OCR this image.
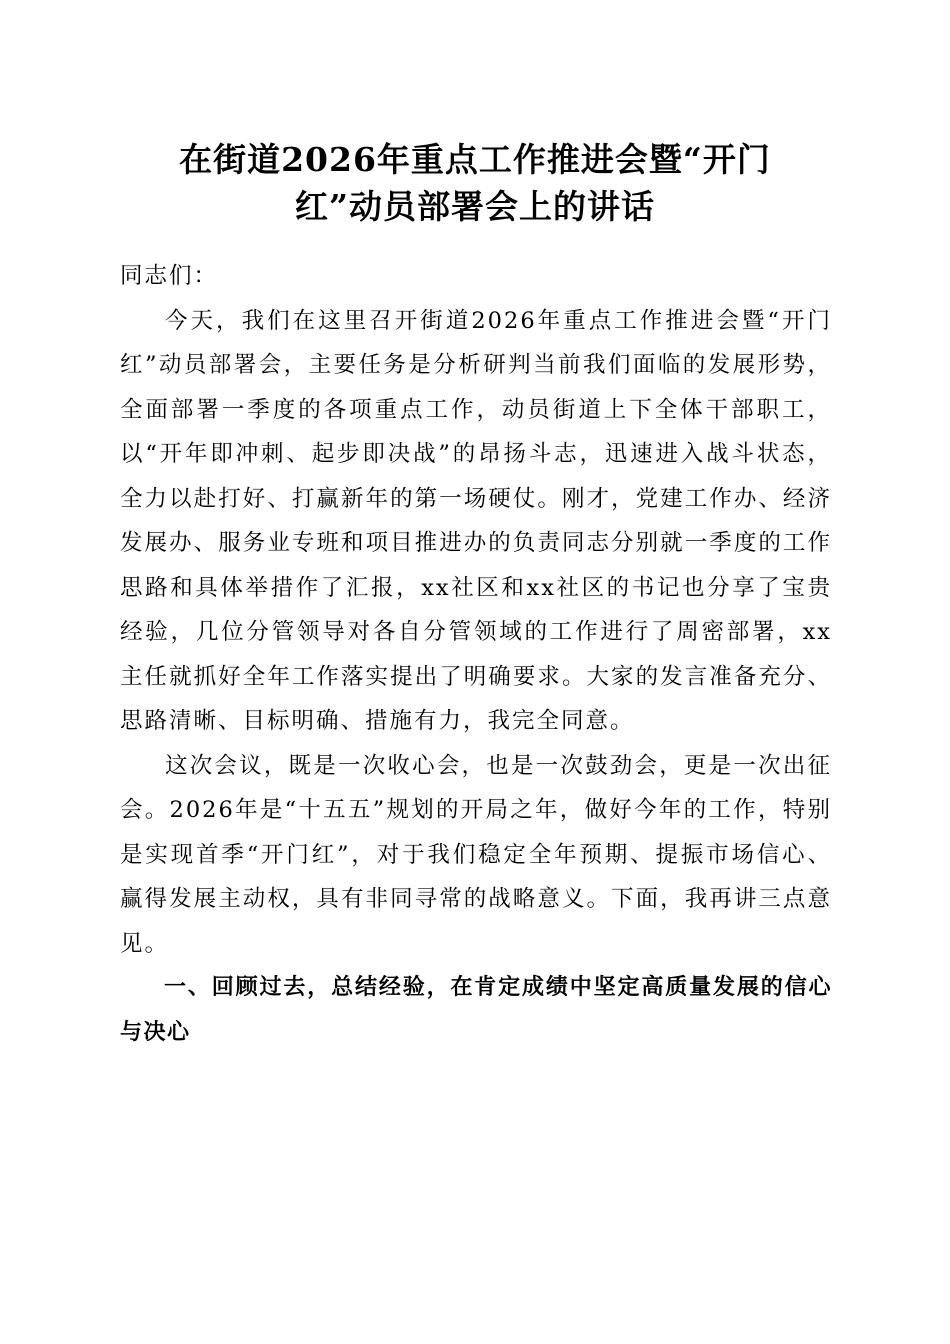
在街道2026年重点工作推进会暨“开门
红”动员部署会上的讲话

同志们：

今天，我们在这里召开街道2026年重点工作推进会暨“开门红”动员部署会，主要任务是分析研判当前我们面临的发展形势，全面部署一季度的各项重点工作，动员街道上下全体干部职工，以“开年即冲刺、起步即决战”的昂扬斗志，迅速进入战斗状态，全力以赴打好、打赢新年的第一场硬仗。刚才，党建工作办、经济发展办、服务业专班和项目推进办的负责同志分别就一季度的工作思路和具体举措作了汇报，xx社区和xx社区的书记也分享了宝贵经验，几位分管领导对各自分管领域的工作进行了周密部署，xx主任就抓好全年工作落实提出了明确要求。大家的发言准备充分、思路清晰、目标明确、措施有力，我完全同意。

这次会议，既是一次收心会，也是一次鼓劲会，更是一次出征会。2026年是“十五五”规划的开局之年，做好今年的工作，特别是实现首季“开门红”，对于我们稳定全年预期、提振市场信心、赢得发展主动权，具有非同寻常的战略意义。下面，我再讲三点意见。

一、回顾过去，总结经验，在肯定成绩中坚定高质量发展的信心与决心
